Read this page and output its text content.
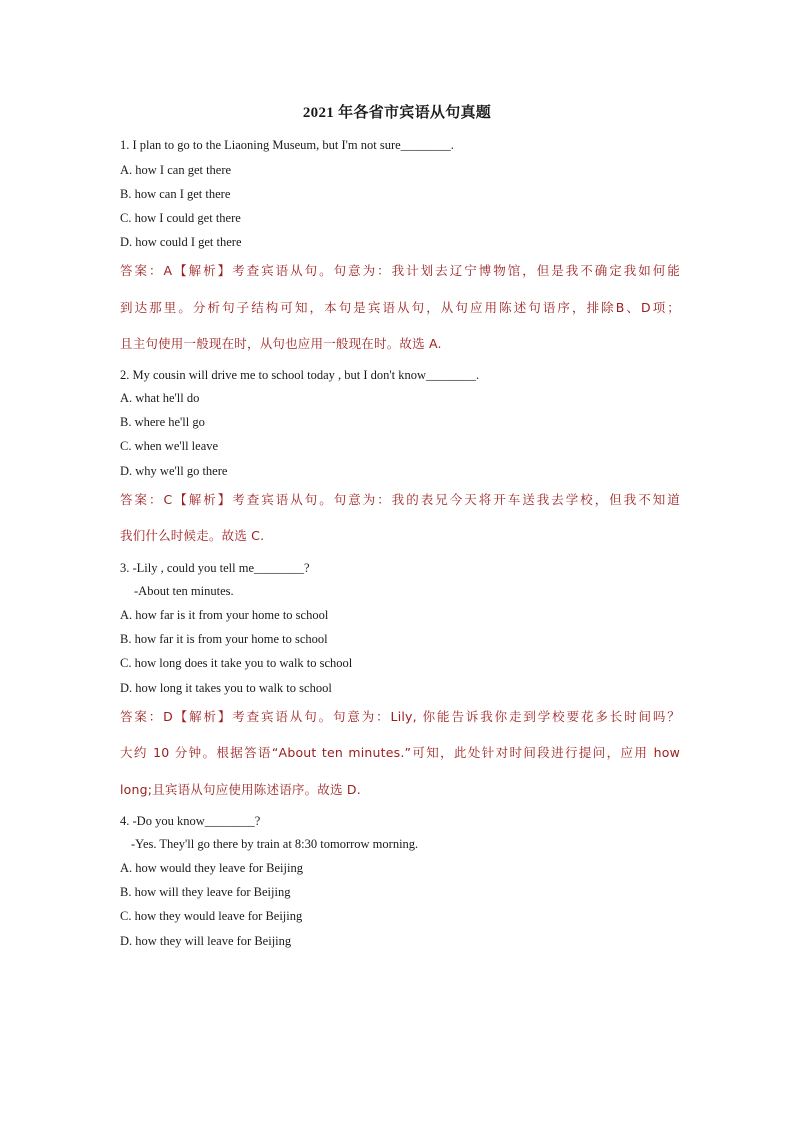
2021 年各省市宾语从句真题
1. I plan to go to the Liaoning Museum, but I'm not sure________.
A. how I can get there
B. how can I get there
C. how I could get there
D. how could I get there
答案：A【解析】考查宾语从句。句意为：我计划去辽宁博物馆，但是我不确定我如何能
到达那里。分析句子结构可知，本句是宾语从句，从句应用陈述句语序，排除B、D项；
且主句使用一般现在时，从句也应用一般现在时。故选 A.
2. My cousin will drive me to school today , but I don't know________.
A. what he'll do
B. where he'll go
C. when we'll leave
D. why we'll go there
答案：C【解析】考查宾语从句。句意为：我的表兄今天将开车送我去学校，但我不知道
我们什么时候走。故选 C.
3. -Lily , could you tell me________?
-About ten minutes.
A. how far is it from your home to school
B. how far it is from your home to school
C. how long does it take you to walk to school
D. how long it takes you to walk to school
答案：D【解析】考查宾语从句。句意为：Lily, 你能告诉我你走到学校要花多长时间吗？
大约 10 分钟。根据答语“About ten minutes.”可知，此处针对时间段进行提问，应用 how
long;且宾语从句应使用陈述语序。故选 D.
4. -Do you know________?
-Yes. They'll go there by train at 8:30 tomorrow morning.
A. how would they leave for Beijing
B. how will they leave for Beijing
C. how they would leave for Beijing
D. how they will leave for Beijing
